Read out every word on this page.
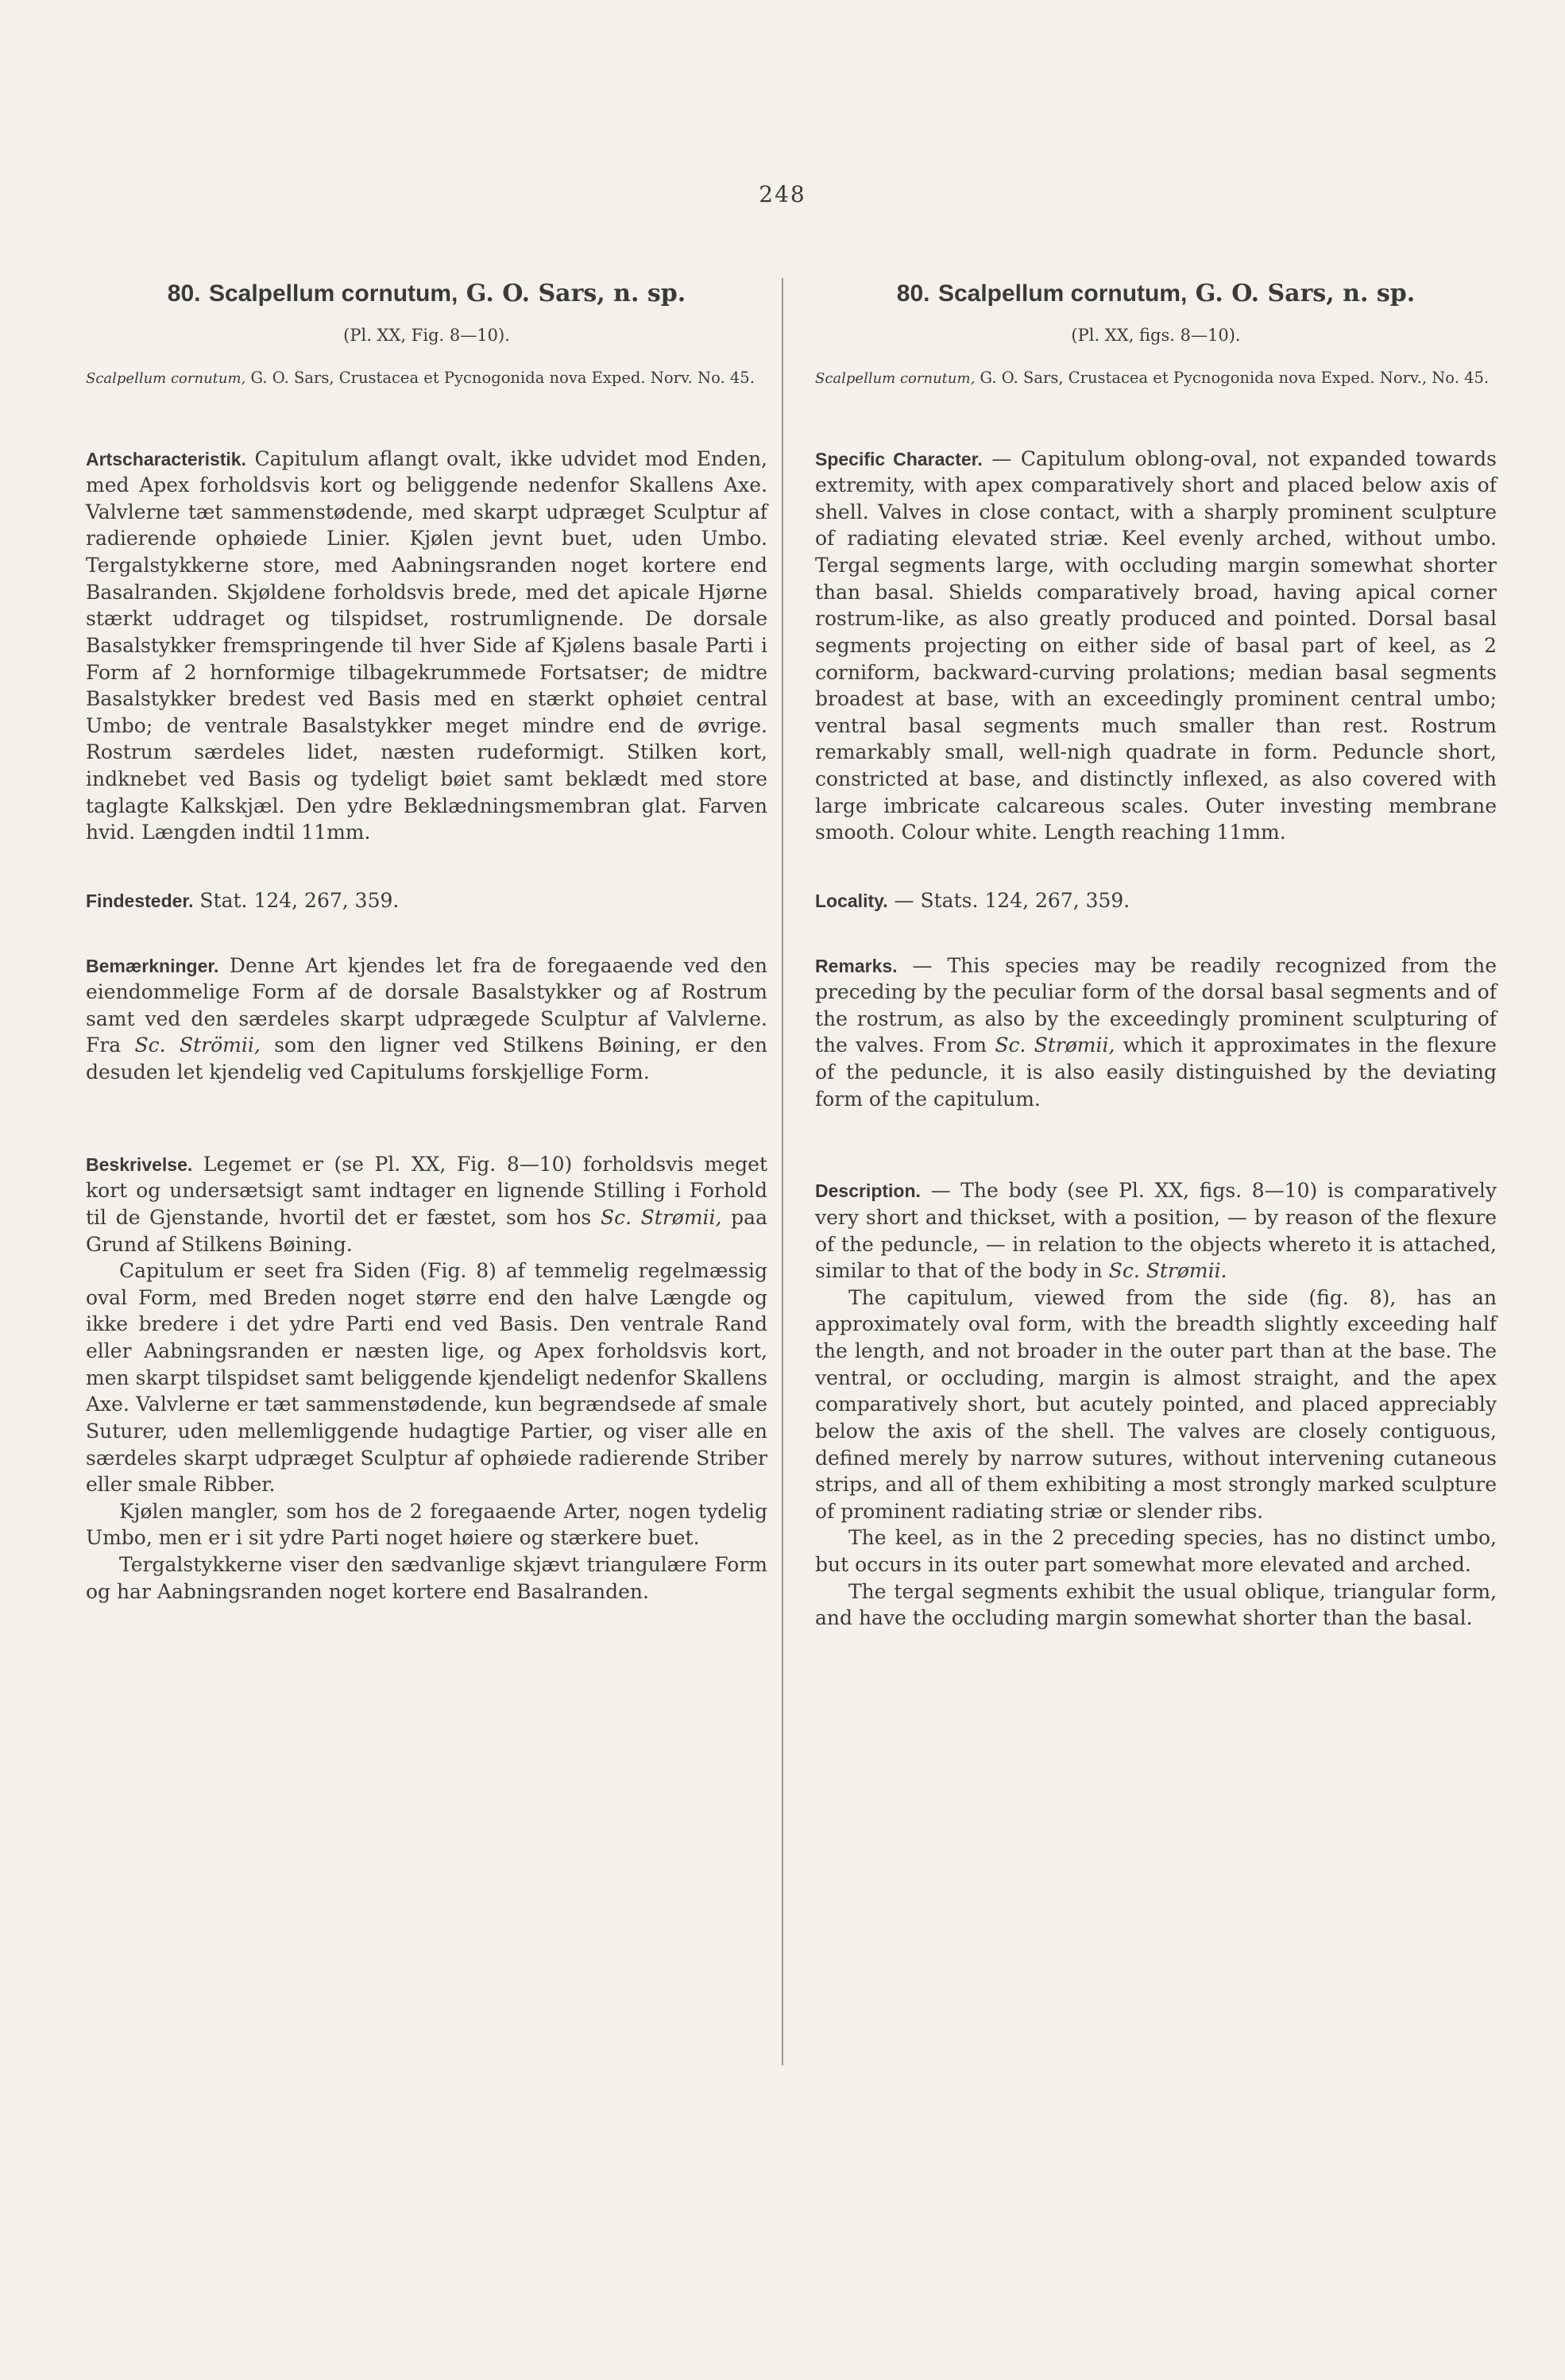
248
80. Scalpellum cornutum, G. O. Sars, n. sp.
(Pl. XX, Fig. 8—10).
Scalpellum cornutum, G. O. Sars, Crustacea et Pycnogonida nova Exped. Norv. No. 45.

Artscharacteristik. Capitulum aflangt ovalt, ikke udvidet mod Enden, med Apex forholdsvis kort og beliggende nedenfor Skallens Axe. Valvlerne tæt sammenstødende, med skarpt udpræget Sculptur af radierende ophøiede Linier. Kjølen jevnt buet, uden Umbo. Tergalstykkerne store, med Aabningsranden noget kortere end Basalranden. Skjøldene forholdsvis brede, med det apicale Hjørne stærkt uddraget og tilspidset, rostrumlignende. De dorsale Basalstykker fremspringende til hver Side af Kjølens basale Parti i Form af 2 hornformige tilbagekrummede Fortsatser; de midtre Basalstykker bredest ved Basis med en stærkt ophøiet central Umbo; de ventrale Basalstykker meget mindre end de øvrige. Rostrum særdeles lidet, næsten rudeformigt. Stilken kort, indknebet ved Basis og tydeligt bøiet samt beklædt med store taglagte Kalkskjæl. Den ydre Beklædningsmembran glat. Farven hvid. Længden indtil 11mm.

Findesteder. Stat. 124, 267, 359.

Bemærkninger. Denne Art kjendes let fra de foregaaende ved den eiendommelige Form af de dorsale Basalstykker og af Rostrum samt ved den særdeles skarpt udprægede Sculptur af Valvlerne. Fra Sc. Strömii, som den ligner ved Stilkens Bøining, er den desuden let kjendelig ved Capitulums forskjellige Form.

Beskrivelse. Legemet er (se Pl. XX, Fig. 8—10) forholdsvis meget kort og undersætsigt samt indtager en lignende Stilling i Forhold til de Gjenstande, hvortil det er fæstet, som hos Sc. Strømii, paa Grund af Stilkens Bøining.

Capitulum er seet fra Siden (Fig. 8) af temmelig regelmæssig oval Form, med Breden noget større end den halve Længde og ikke bredere i det ydre Parti end ved Basis. Den ventrale Rand eller Aabningsranden er næsten lige, og Apex forholdsvis kort, men skarpt tilspidset samt beliggende kjendeligt nedenfor Skallens Axe. Valvlerne er tæt sammenstødende, kun begrændsede af smale Suturer, uden mellemliggende hudagtige Partier, og viser alle en særdeles skarpt udpræget Sculptur af ophøiede radierende Striber eller smale Ribber.

Kjølen mangler, som hos de 2 foregaaende Arter, nogen tydelig Umbo, men er i sit ydre Parti noget høiere og stærkere buet.

Tergalstykkerne viser den sædvanlige skjævt triangulære Form og har Aabningsranden noget kortere end Basalranden.

80. Scalpellum cornutum, G. O. Sars, n. sp.
(Pl. XX, figs. 8—10).
Scalpellum cornutum, G. O. Sars, Crustacea et Pycnogonida nova Exped. Norv., No. 45.

Specific Character. — Capitulum oblong-oval, not expanded towards extremity, with apex comparatively short and placed below axis of shell. Valves in close contact, with a sharply prominent sculpture of radiating elevated striæ. Keel evenly arched, without umbo. Tergal segments large, with occluding margin somewhat shorter than basal. Shields comparatively broad, having apical corner rostrum-like, as also greatly produced and pointed. Dorsal basal segments projecting on either side of basal part of keel, as 2 corniform, backward-curving prolations; median basal segments broadest at base, with an exceedingly prominent central umbo; ventral basal segments much smaller than rest. Rostrum remarkably small, well-nigh quadrate in form. Peduncle short, constricted at base, and distinctly inflexed, as also covered with large imbricate calcareous scales. Outer investing membrane smooth. Colour white. Length reaching 11mm.

Locality. — Stats. 124, 267, 359.

Remarks. — This species may be readily recognized from the preceding by the peculiar form of the dorsal basal segments and of the rostrum, as also by the exceedingly prominent sculpturing of the valves. From Sc. Strømii, which it approximates in the flexure of the peduncle, it is also easily distinguished by the deviating form of the capitulum.

Description. — The body (see Pl. XX, figs. 8—10) is comparatively very short and thickset, with a position, — by reason of the flexure of the peduncle, — in relation to the objects whereto it is attached, similar to that of the body in Sc. Strømii.

The capitulum, viewed from the side (fig. 8), has an approximately oval form, with the breadth slightly exceeding half the length, and not broader in the outer part than at the base. The ventral, or occluding, margin is almost straight, and the apex comparatively short, but acutely pointed, and placed appreciably below the axis of the shell. The valves are closely contiguous, defined merely by narrow sutures, without intervening cutaneous strips, and all of them exhibiting a most strongly marked sculpture of prominent radiating striæ or slender ribs.

The keel, as in the 2 preceding species, has no distinct umbo, but occurs in its outer part somewhat more elevated and arched.

The tergal segments exhibit the usual oblique, triangular form, and have the occluding margin somewhat shorter than the basal.
